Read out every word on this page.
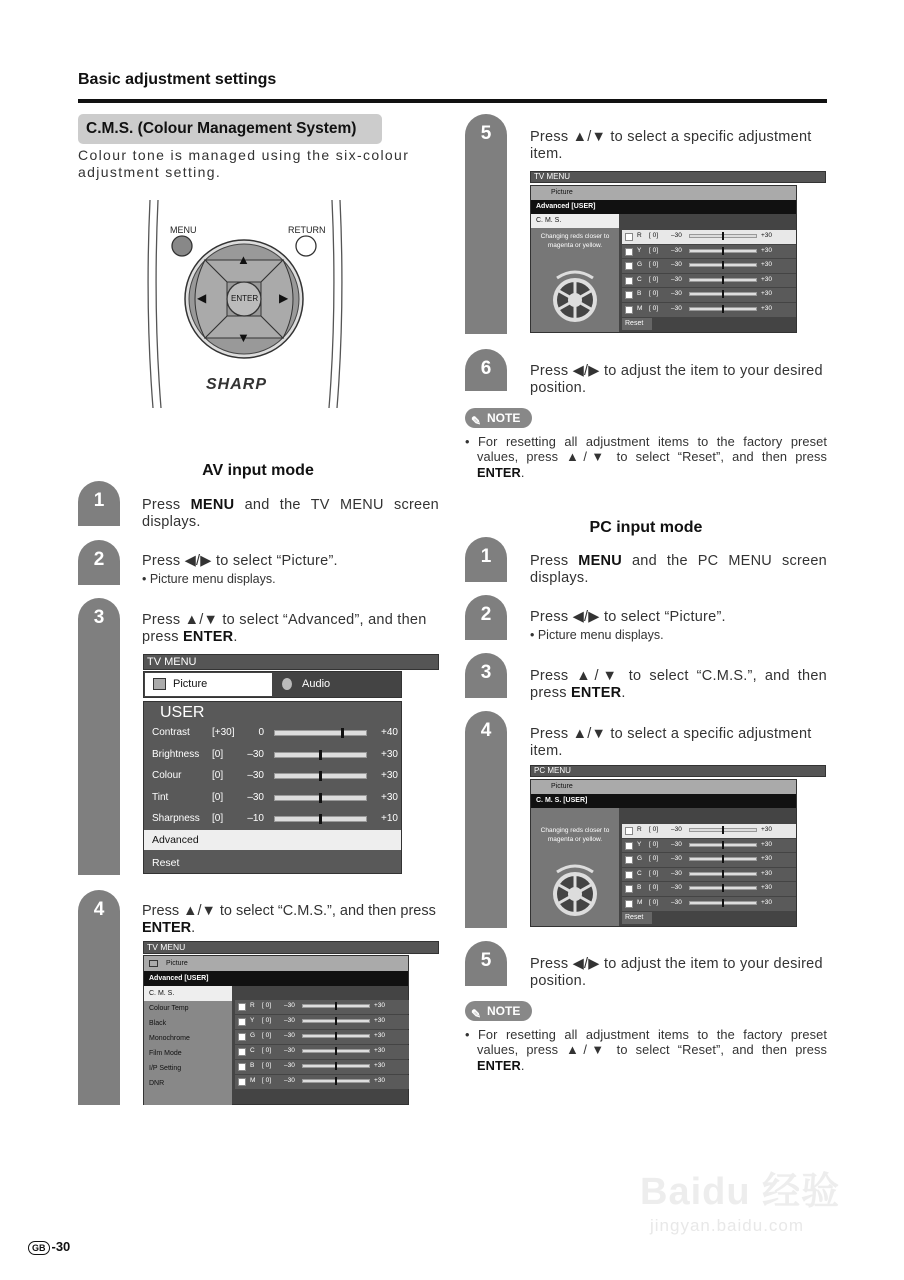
Basic adjustment settings
C.M.S. (Colour Management System)
Colour tone is managed using the six-colour adjustment setting.
MENU	RETURN
ENTER
▲
▼
◀	▶
SHARP
AV input mode
1	Press MENU and the TV MENU screen displays.
2	Press ◀/▶ to select “Picture”.
• Picture menu displays.
3	Press ▲/▼ to select “Advanced”, and then press ENTER.
TV MENU
Picture	Audio
USER
Contrast [+30]	0	+40
Brightness [0]	–30	+30
Colour	[0]	–30	+30
Tint	[0]	–30	+30
Sharpness [0]	–10	+10
Advanced
Reset
4	Press ▲/▼ to select “C.M.S.”, and then press ENTER.
TV MENU
Picture
Advanced [USER]
C. M. S.
Colour Temp
Black
Monochrome
Film Mode
I/P Setting
DNR
R [ 0] –30	+30
Y [ 0] –30	+30
G [ 0] –30	+30
C [ 0] –30	+30
B [ 0] –30	+30
M [ 0] –30	+30
5	Press ▲/▼ to select a specific adjustment item.
TV MENU
Picture
Advanced [USER]
C. M. S.
Changing reds closer to magenta or yellow.
R [ 0] –30	+30
Y [ 0] –30	+30
G [ 0] –30	+30
C [ 0] –30	+30
B [ 0] –30	+30
M [ 0] –30	+30
Reset
6	Press ◀/▶ to adjust the item to your desired position.
✎ NOTE
• For resetting all adjustment items to the factory preset values, press ▲/▼ to select “Reset”, and then press ENTER.
PC input mode
1	Press MENU and the PC MENU screen displays.
2	Press ◀/▶ to select “Picture”.
• Picture menu displays.
3	Press ▲/▼ to select “C.M.S.”, and then press ENTER.
4	Press ▲/▼ to select a specific adjustment item.
PC MENU
Picture
C. M. S. [USER]
Changing reds closer to magenta or yellow.
R [ 0] –30	+30
Y [ 0] –30	+30
G [ 0] –30	+30
C [ 0] –30	+30
B [ 0] –30	+30
M [ 0] –30	+30
Reset
5	Press ◀/▶ to adjust the item to your desired position.
✎ NOTE
• For resetting all adjustment items to the factory preset values, press ▲/▼ to select “Reset”, and then press ENTER.
Baidu 经验
jingyan.baidu.com
GB -30
